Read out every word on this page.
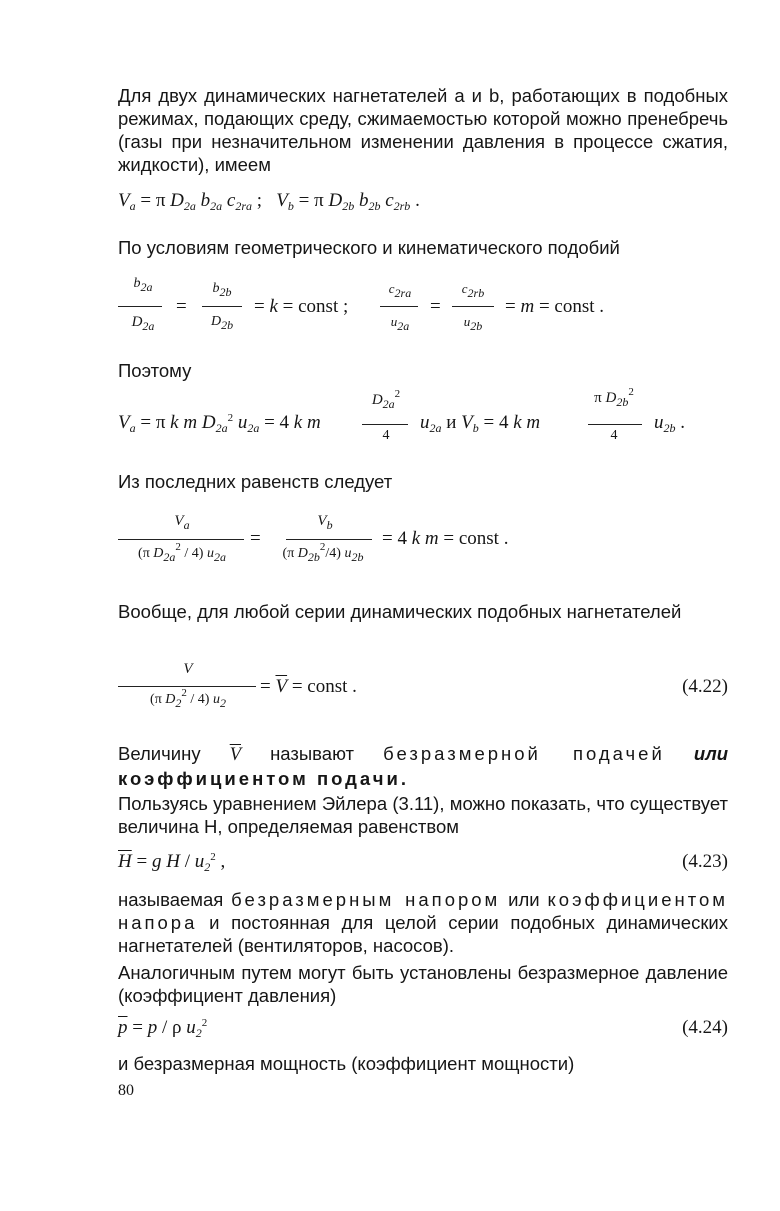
Для двух динамических нагнетателей a и b, работающих в подобных режимах, подающих среду, сжимаемостью которой можно пренебречь (газы при незначительном изменении давления в процессе сжатия, жидкости), имеем
$V_a = \pi$ $D_{2a}$ $b_{2a}$ $c_{2ra}$ ;   $V_b = \pi$ $D_{2b}$ $b_{2b}$ $c_{2rb}$ .
По условиям геометрического и кинематического подобий
b2a
$D_{2a}$
=
b2b
D2b
= k = const ;
c2ra
u2a
=
c2rb
u2b
= m = const .
Поэтому
$V_a = \pi$ k m $D_{2a}^2$ $u_{2a} = 4$ k m
$D_{2a}^2$
4
$u_{2a}$ и $V_b = 4$ k m
π $D_{2b}^2$
4
$u_{2b}$ .
Из последних равенств следует
$V_a$
(π $D2a^2 / 4$) u2a
=
$V_b$
(π $D2b^2/4$) u2b
= 4 k m = const .
Вообще, для любой серии динамических подобных нагнетателей
V
(π $D2^2 / 4$) u2
= $\overline{V}$ = const .	(4.22)
Величину $\overline{V}$ называют безразмерной подачей или коэффициентом подачи.
Пользуясь уравнением Эйлера (3.11), можно показать, что существует величина H, определяемая равенством
$\overline{H} = g$ H / $u_2^2$ ,	(4.23)
называемая безразмерным напором или коэффициентом напора и постоянная для целой серии подобных динамических нагнетателей (вентиляторов, насосов).
Аналогичным путем могут быть установлены безразмерное давление (коэффициент давления)
$\overline{p} = p / \rho$ $u_2^2$	(4.24)
и безразмерная мощность (коэффициент мощности)
80
